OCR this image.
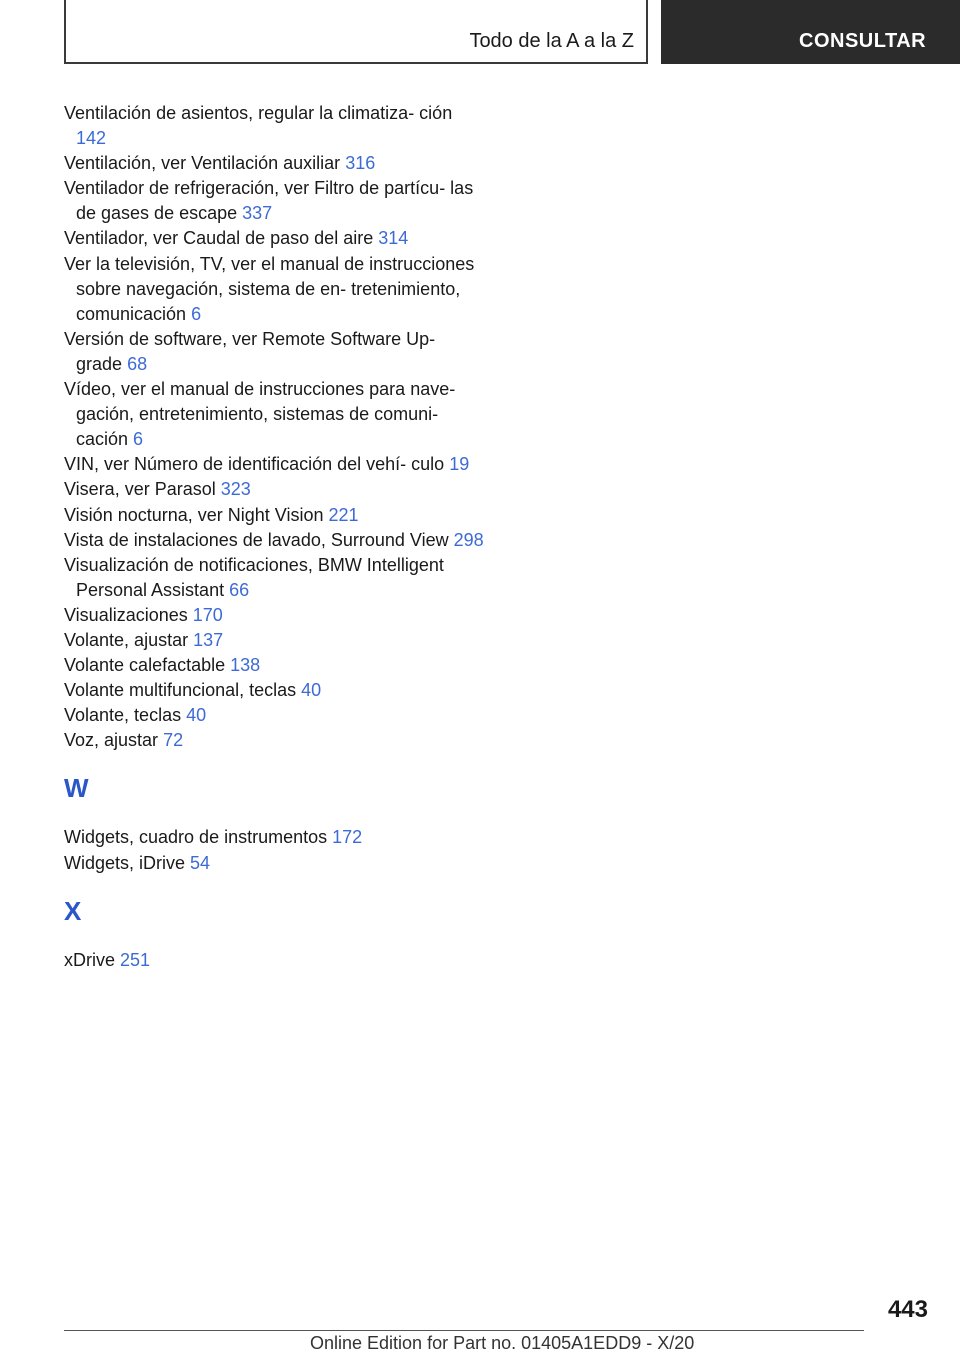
Todo de la A a la Z	CONSULTAR
Ventilación de asientos, regular la climatiza‐ ción 142
Ventilación, ver Ventilación auxiliar 316
Ventilador de refrigeración, ver Filtro de partícu‐ las de gases de escape 337
Ventilador, ver Caudal de paso del aire 314
Ver la televisión, TV, ver el manual de instrucciones sobre navegación, sistema de en‐ tretenimiento, comunicación 6
Versión de software, ver Remote Software Up‐ grade 68
Vídeo, ver el manual de instrucciones para nave‐ gación, entretenimiento, sistemas de comuni‐ cación 6
VIN, ver Número de identificación del vehí‐ culo 19
Visera, ver Parasol 323
Visión nocturna, ver Night Vision 221
Vista de instalaciones de lavado, Surround View 298
Visualización de notificaciones, BMW Intelligent Personal Assistant 66
Visualizaciones 170
Volante, ajustar 137
Volante calefactable 138
Volante multifuncional, teclas 40
Volante, teclas 40
Voz, ajustar 72
W
Widgets, cuadro de instrumentos 172
Widgets, iDrive 54
X
xDrive 251
443
Online Edition for Part no. 01405A1EDD9 - X/20
